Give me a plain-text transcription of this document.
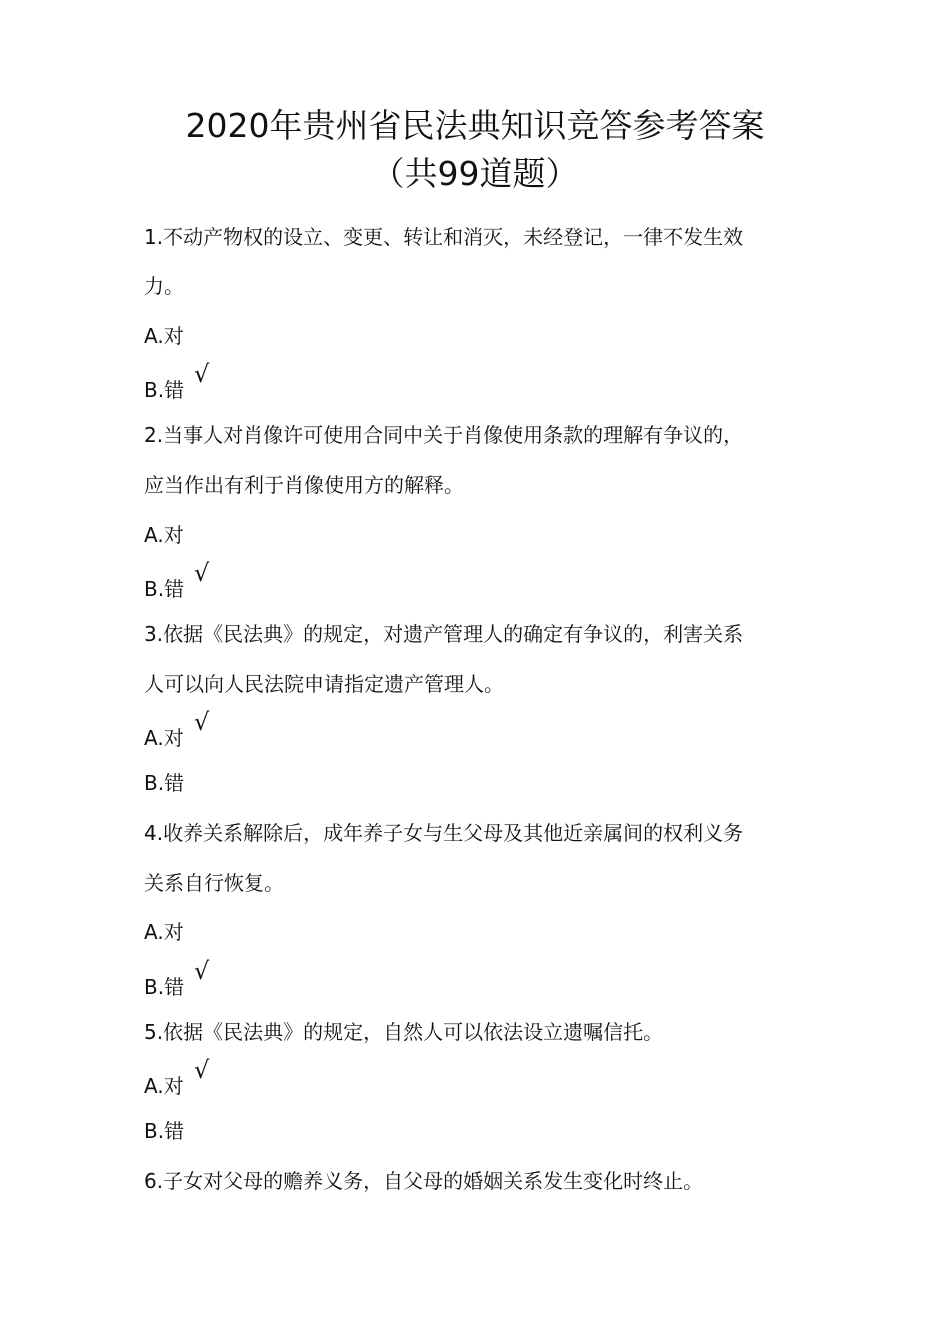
2020年贵州省民法典知识竞答参考答案
（共99道题）
1.不动产物权的设立、变更、转让和消灭，未经登记，一律不发生效
力。
A.对
B.错
√
2.当事人对肖像许可使用合同中关于肖像使用条款的理解有争议的，
应当作出有利于肖像使用方的解释。
A.对
B.错
√
3.依据《民法典》的规定，对遗产管理人的确定有争议的，利害关系
人可以向人民法院申请指定遗产管理人。
A.对
√
B.错
4.收养关系解除后，成年养子女与生父母及其他近亲属间的权利义务
关系自行恢复。
A.对
B.错
√
5.依据《民法典》的规定，自然人可以依法设立遗嘱信托。
A.对
√
B.错
6.子女对父母的赡养义务，自父母的婚姻关系发生变化时终止。
